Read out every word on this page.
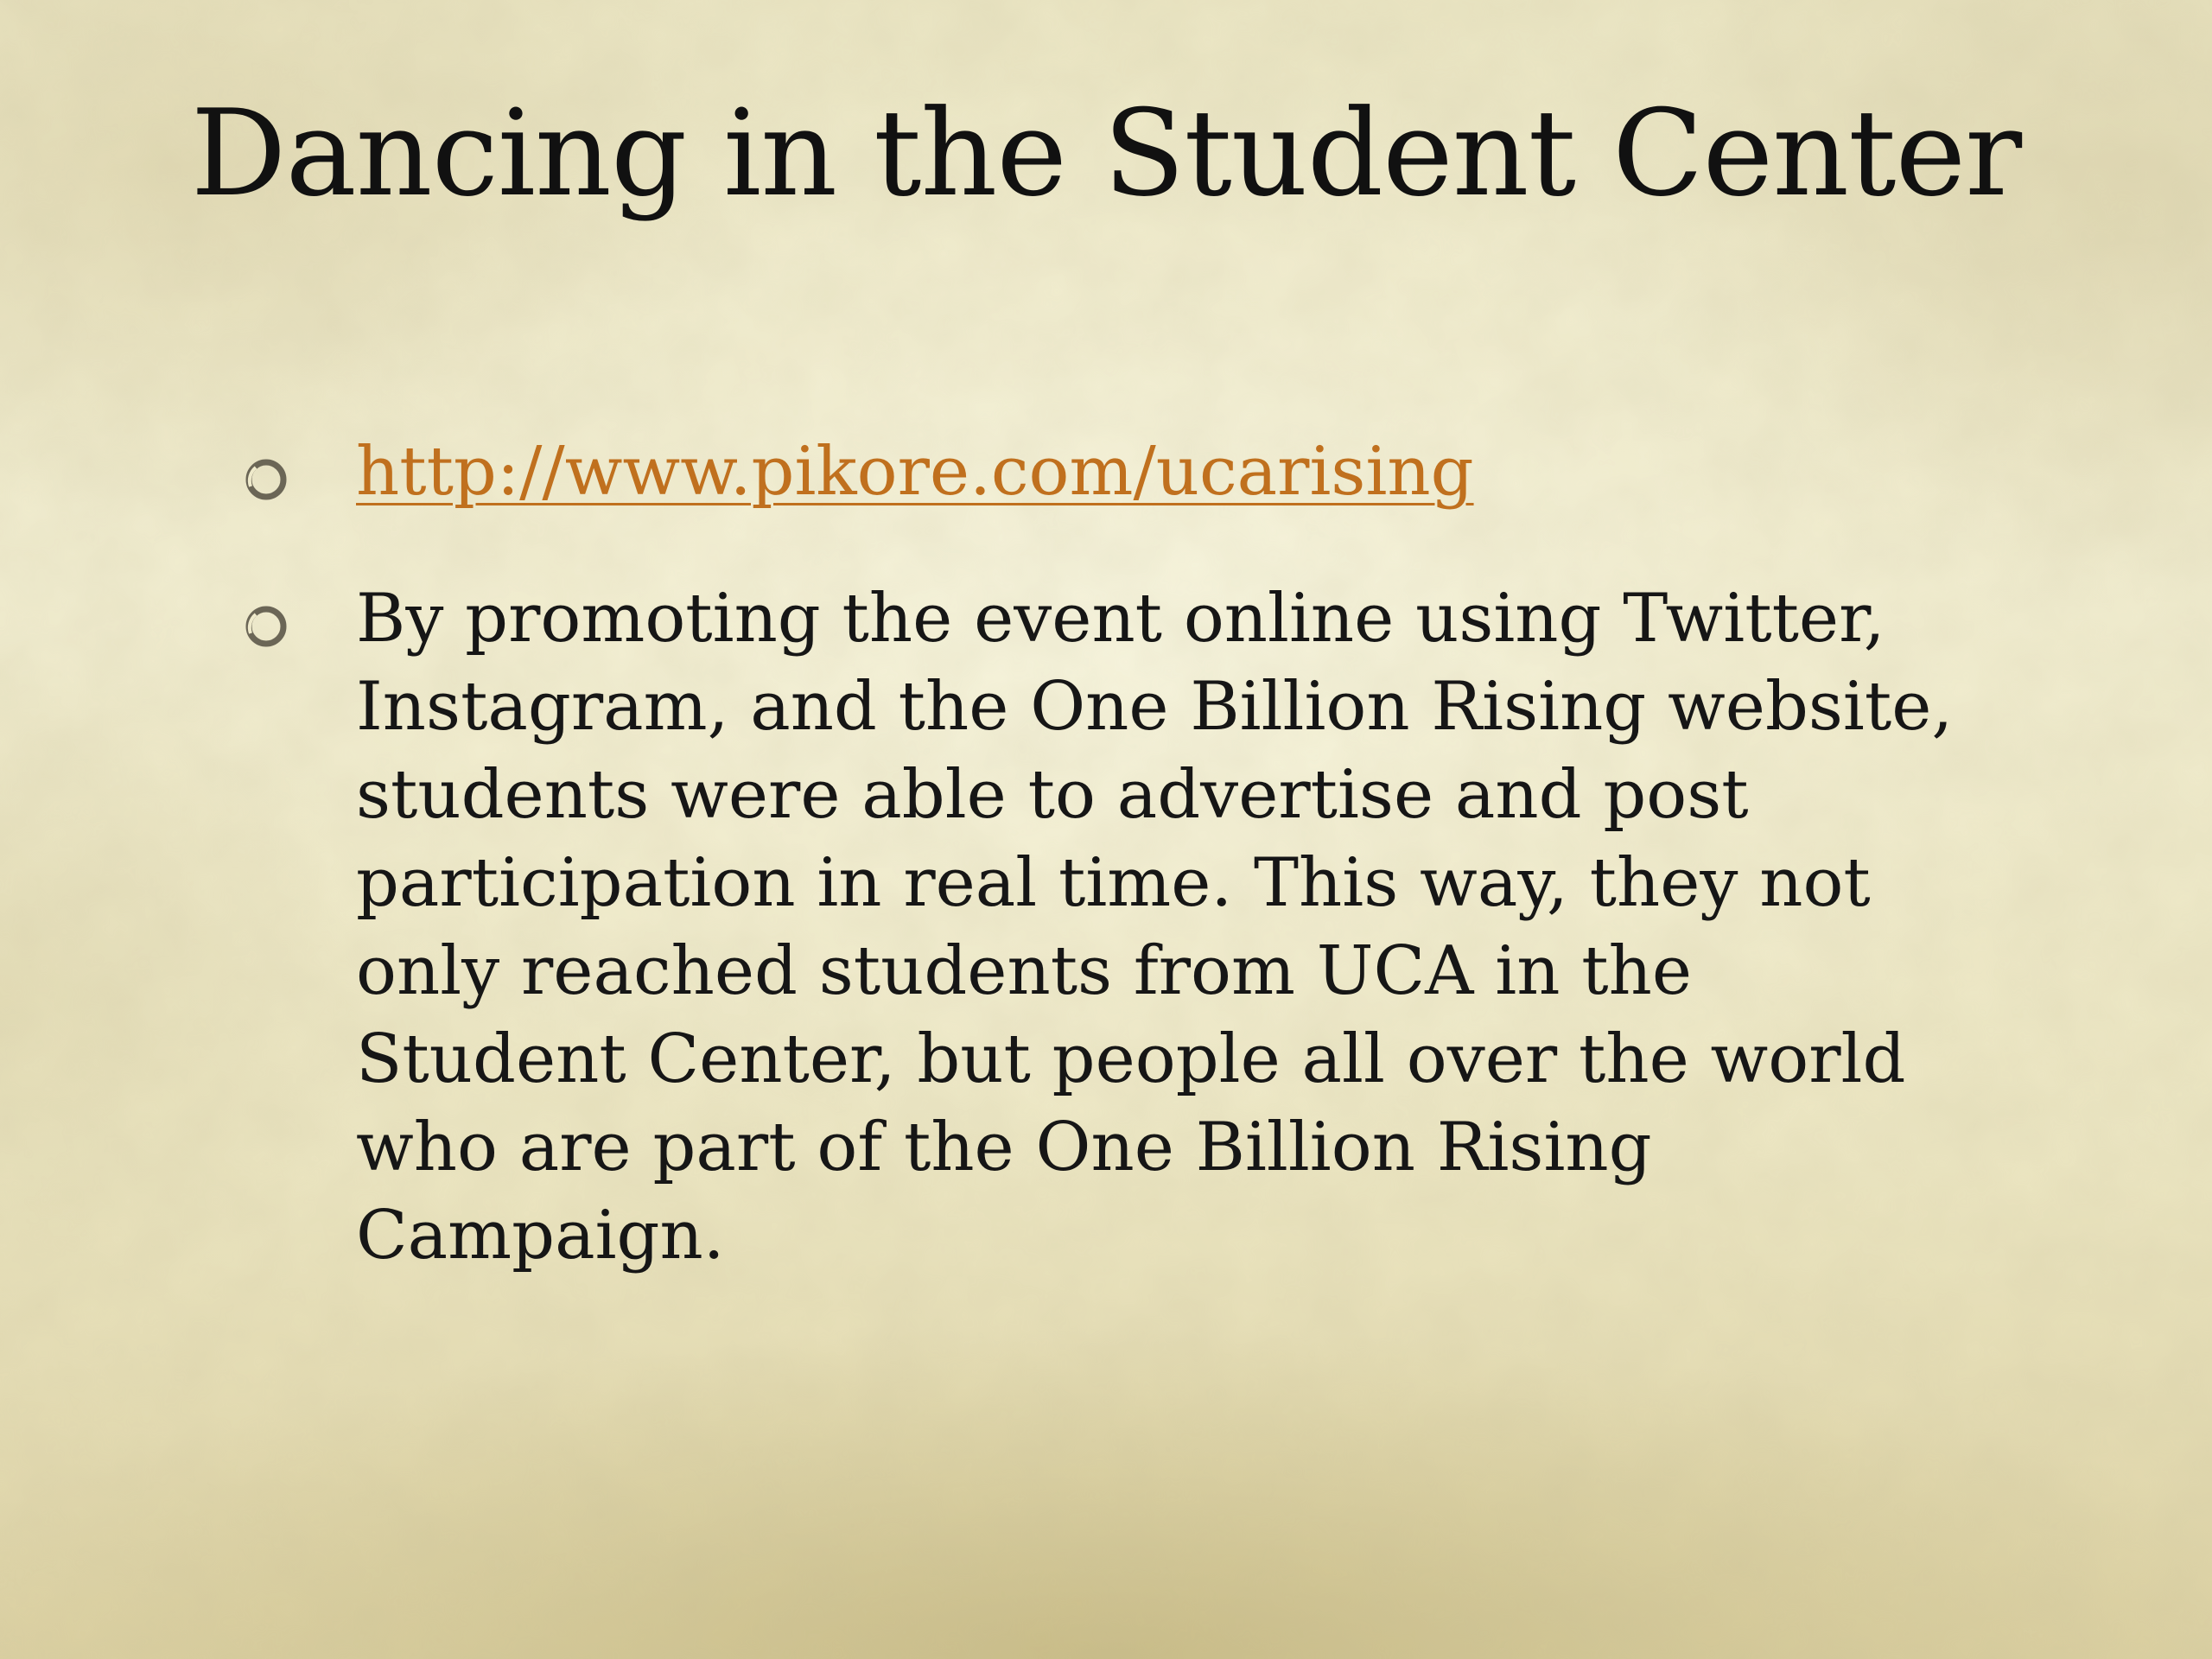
Dancing in the Student Center
http://www.pikore.com/ucarising
By promoting the event online using Twitter, Instagram, and the One Billion Rising website, students were able to advertise and post participation in real time. This way, they not only reached students from UCA in the Student Center, but people all over the world who are part of the One Billion Rising Campaign.
